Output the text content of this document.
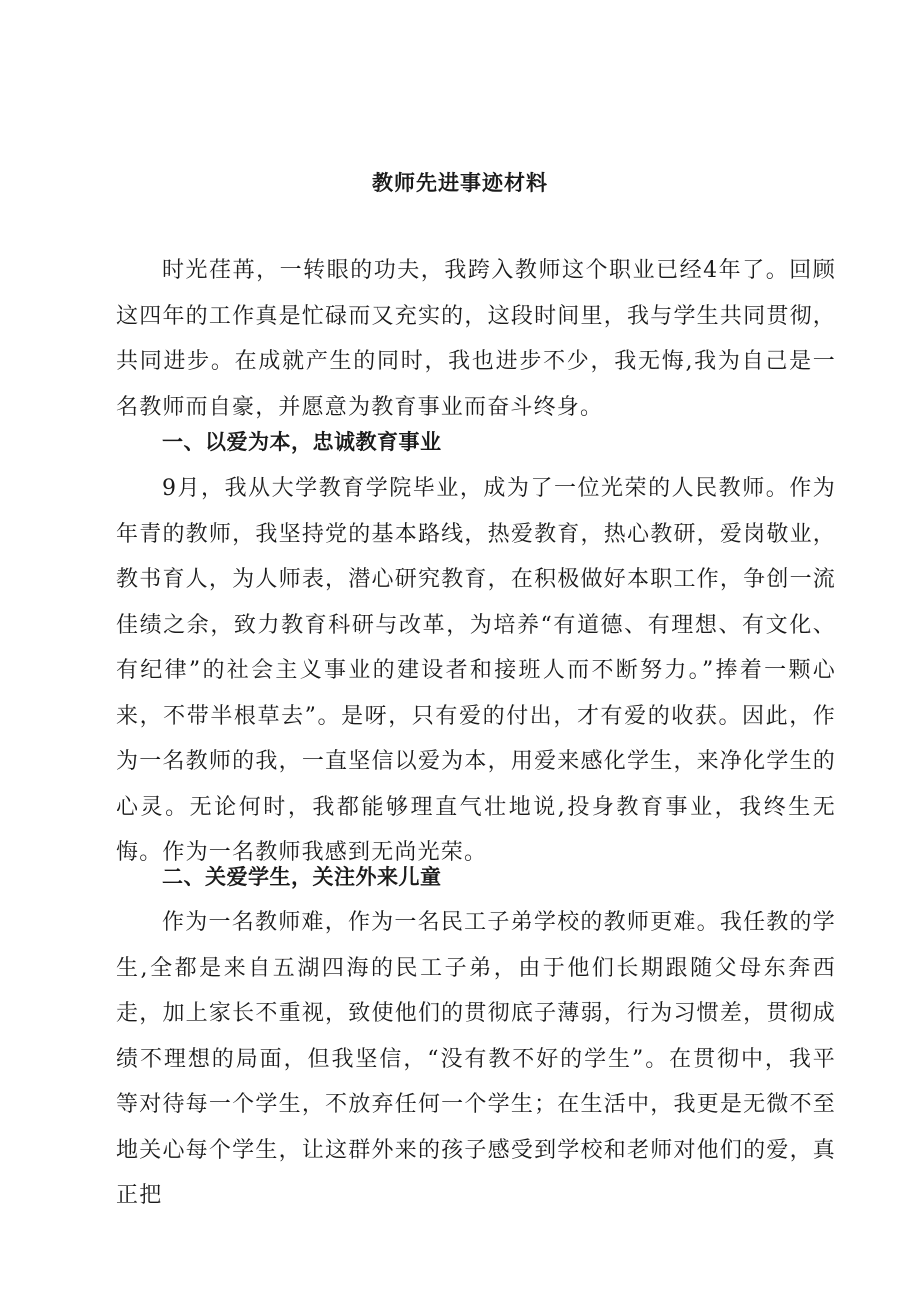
教师先进事迹材料

时光荏苒，一转眼的功夫，我跨入教师这个职业已经4年了。回顾这四年的工作真是忙碌而又充实的，这段时间里，我与学生共同贯彻，共同进步。在成就产生的同时，我也进步不少，我无悔,我为自己是一名教师而自豪，并愿意为教育事业而奋斗终身。

一、以爱为本，忠诚教育事业

9月，我从大学教育学院毕业，成为了一位光荣的人民教师。作为年青的教师，我坚持党的基本路线，热爱教育，热心教研，爱岗敬业，教书育人，为人师表，潜心研究教育，在积极做好本职工作，争创一流佳绩之余，致力教育科研与改革，为培养“有道德、有理想、有文化、有纪律”的社会主义事业的建设者和接班人而不断努力。”捧着一颗心来，不带半根草去”。是呀，只有爱的付出，才有爱的收获。因此，作为一名教师的我，一直坚信以爱为本，用爱来感化学生，来净化学生的心灵。无论何时，我都能够理直气壮地说,投身教育事业，我终生无悔。作为一名教师我感到无尚光荣。

二、关爱学生，关注外来儿童

作为一名教师难，作为一名民工子弟学校的教师更难。我任教的学生,全都是来自五湖四海的民工子弟，由于他们长期跟随父母东奔西走，加上家长不重视，致使他们的贯彻底子薄弱，行为习惯差，贯彻成绩不理想的局面，但我坚信，“没有教不好的学生”。在贯彻中，我平等对待每一个学生，不放弃任何一个学生；在生活中，我更是无微不至地关心每个学生，让这群外来的孩子感受到学校和老师对他们的爱，真正把
